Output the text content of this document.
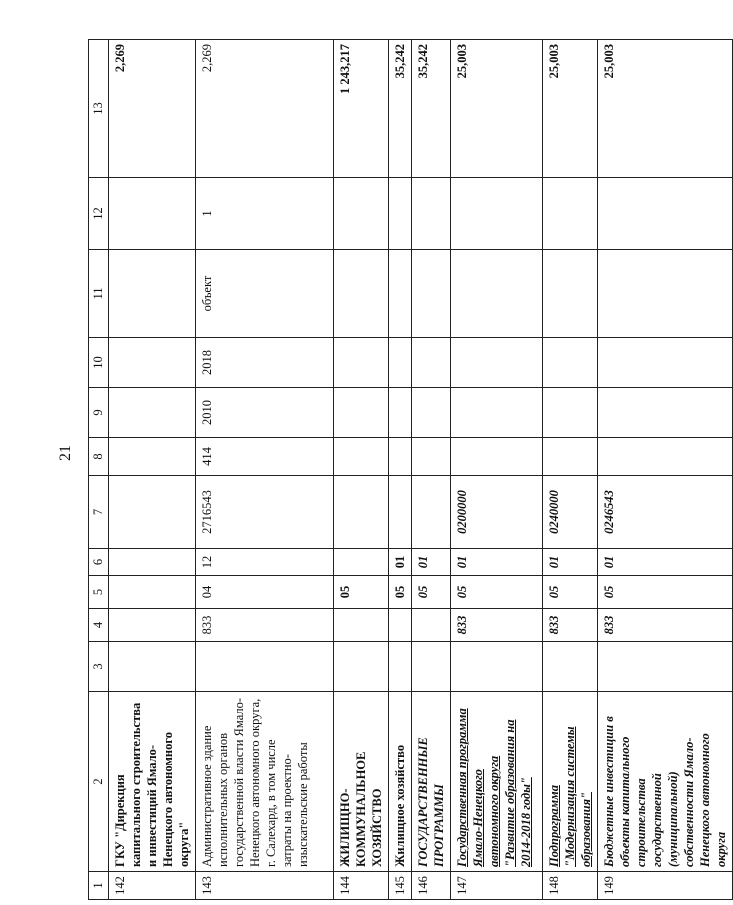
21
1	2	3	4	5	6	7	8	9	10	11	12	13
142	ГКУ "Дирекция капитального строительства и инвестиций Ямало-Ненецкого автономного округа"											2,269
143	Административное здание исполнительных органов государственной власти Ямало-Ненецкого автономного округа, г. Салехард, в том числе затраты на проектно-изыскательские работы		833	04	12	2716543	414	2010	2018	объект	1	2,269
144	ЖИЛИЩНО-КОММУНАЛЬНОЕ ХОЗЯЙСТВО			05								1 243,217
145	Жилищное хозяйство			05	01							35,242
146	ГОСУДАРСТВЕННЫЕ ПРОГРАММЫ			05	01							35,242
147	Государственная программа Ямало-Ненецкого автономного округа "Развитие образования на 2014-2018 годы"		833	05	01	0200000						25,003
148	Подпрограмма "Модернизация системы образования"		833	05	01	0240000						25,003
149	Бюджетные инвестиции в объекты капитального строительства государственной (муниципальной) собственности Ямало-Ненецкого автономного округа		833	05	01	0246543						25,003
